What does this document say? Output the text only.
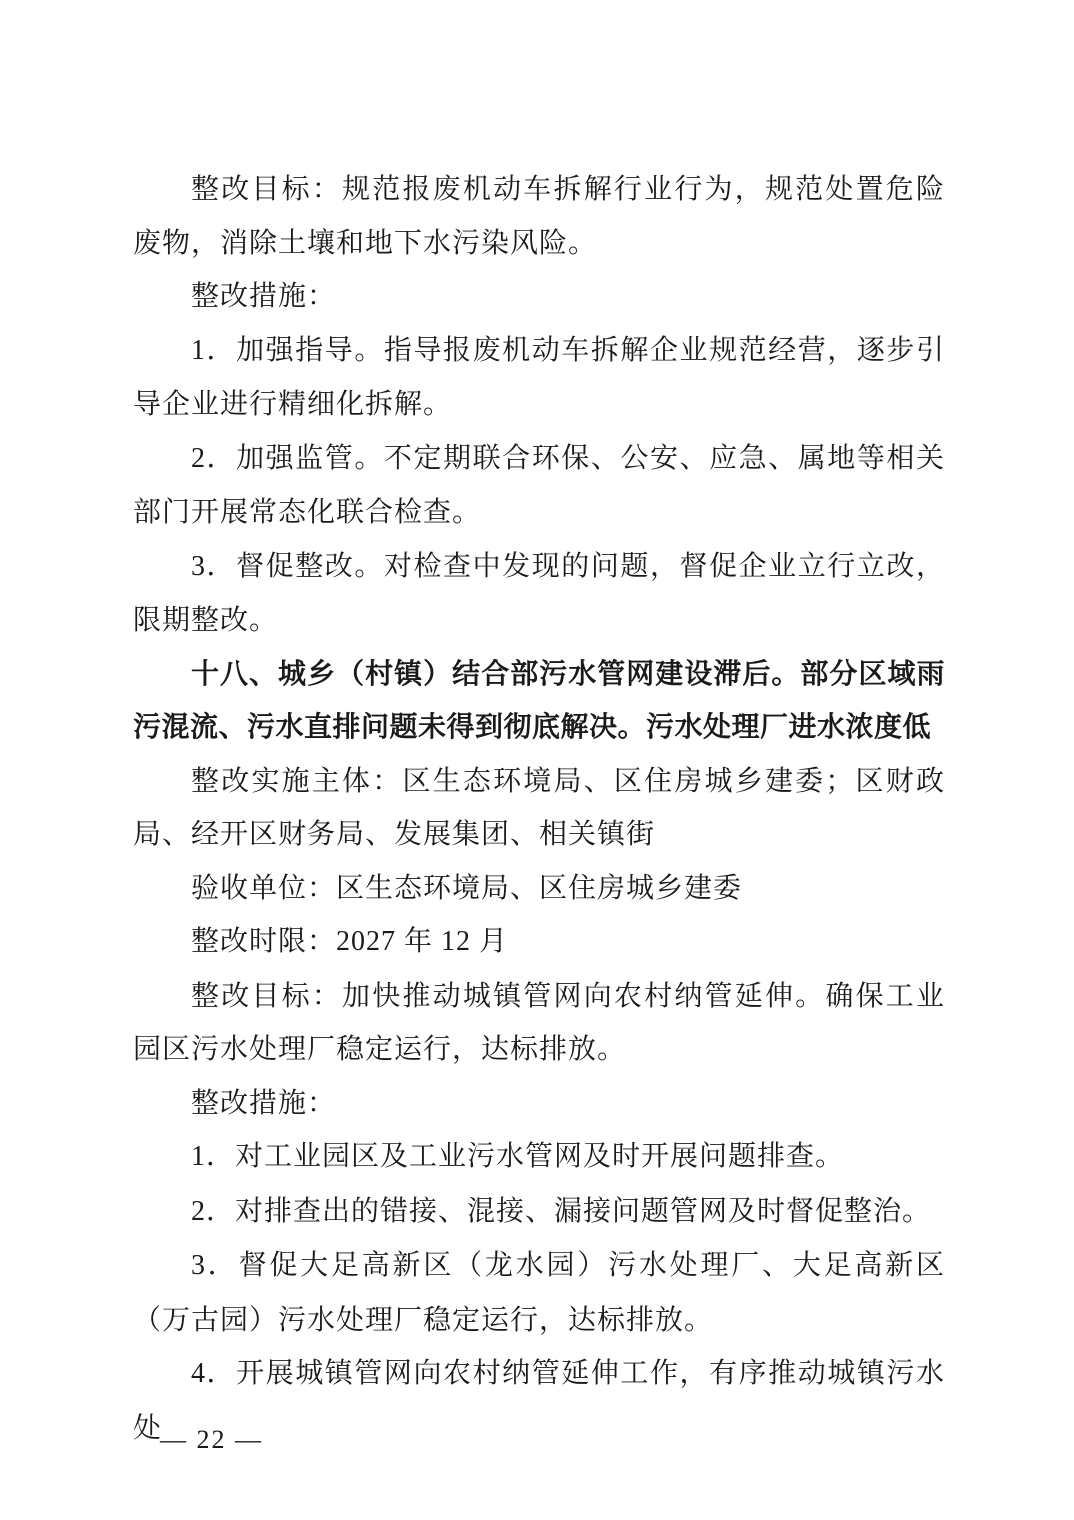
整改目标：规范报废机动车拆解行业行为，规范处置危险废物，消除土壤和地下水污染风险。

整改措施：

1．加强指导。指导报废机动车拆解企业规范经营，逐步引导企业进行精细化拆解。

2．加强监管。不定期联合环保、公安、应急、属地等相关部门开展常态化联合检查。

3．督促整改。对检查中发现的问题，督促企业立行立改，限期整改。

十八、城乡（村镇）结合部污水管网建设滞后。部分区域雨污混流、污水直排问题未得到彻底解决。污水处理厂进水浓度低

整改实施主体：区生态环境局、区住房城乡建委；区财政局、经开区财务局、发展集团、相关镇街

验收单位：区生态环境局、区住房城乡建委

整改时限：2027 年 12 月

整改目标：加快推动城镇管网向农村纳管延伸。确保工业园区污水处理厂稳定运行，达标排放。

整改措施：

1．对工业园区及工业污水管网及时开展问题排查。

2．对排查出的错接、混接、漏接问题管网及时督促整治。

3．督促大足高新区（龙水园）污水处理厂、大足高新区（万古园）污水处理厂稳定运行，达标排放。

4．开展城镇管网向农村纳管延伸工作，有序推动城镇污水处

— 22 —
